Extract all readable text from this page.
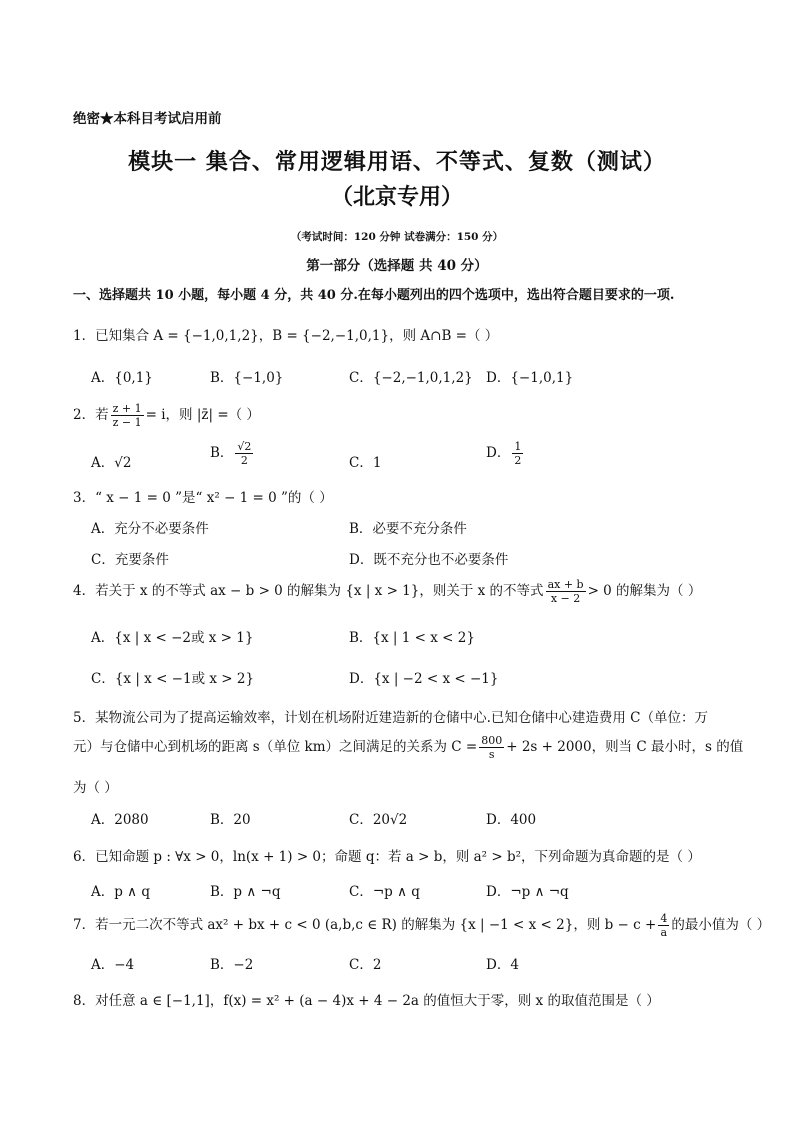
绝密★本科目考试启用前
模块一 集合、常用逻辑用语、不等式、复数（测试）
（北京专用）
（考试时间：120 分钟 试卷满分：150 分）
第一部分（选择题 共 40 分）
一、选择题共 10 小题，每小题 4 分，共 40 分.在每小题列出的四个选项中，选出符合题目要求的一项.
1．已知集合 A = {−1,0,1,2}，B = {−2,−1,0,1}，则 A∩B =（ ）
A．{0,1}	B．{−1,0}	C．{−2,−1,0,1,2} D．{−1,0,1}
2．若 $\frac{z + 1}{z - 1} = i$，则 |z̄| =（ ）
A．√2
B． $\frac{√2}{2}$	C．1
D． $\frac{1}{2}$
3．“ x − 1 = 0 ”是“ x² − 1 = 0 ”的（ ）
A．充分不必要条件	B．必要不充分条件
C．充要条件	D．既不充分也不必要条件
4．若关于 x 的不等式 ax − b > 0 的解集为 {x | x > 1}，则关于 x 的不等式 $\frac{ax + b}{x - 2} > 0$ 的解集为（ ）
A．{x | x < −2或 x > 1}	B．{x | 1 < x < 2}
C．{x | x < −1或 x > 2}	D．{x | −2 < x < −1}
5．某物流公司为了提高运输效率，计划在机场附近建造新的仓储中心.已知仓储中心建造费用 C（单位：万
元）与仓储中心到机场的距离 s（单位 km）之间满足的关系为 $C = \frac{800}{s} + 2s + 2000$，则当 C 最小时，s 的值
为（ ）
A．2080	B．20	C．20√2	D．400
6．已知命题 p : ∀x > 0，ln(x + 1) > 0；命题 q：若 a > b，则 a² > b²，下列命题为真命题的是（ ）
A．p ∧ q	B．p ∧ ¬q	C．¬p ∧ q	D．¬p ∧ ¬q
7．若一元二次不等式 ax² + bx + c < 0 (a,b,c ∈ R) 的解集为 {x | −1 < x < 2}，则 $b - c + \frac{4}{a}$ 的最小值为（ ）
A．−4	B．−2	C．2	D．4
8．对任意 a ∈ [−1,1]，f(x) = x² + (a − 4)x + 4 − 2a 的值恒大于零，则 x 的取值范围是（ ）
